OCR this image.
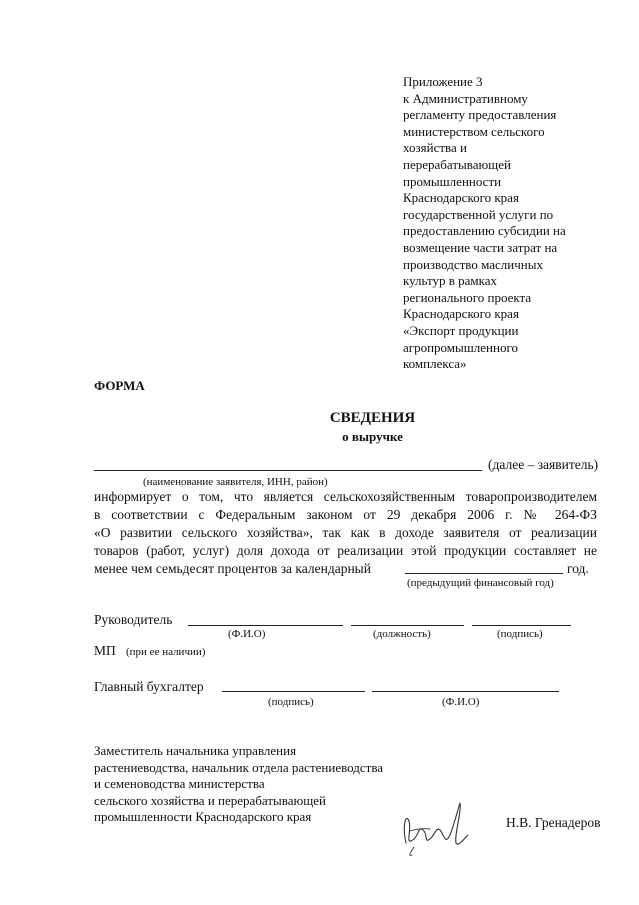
Приложение 3
к Административному
регламенту предоставления
министерством сельского
хозяйства и
перерабатывающей
промышленности
Краснодарского края
государственной услуги по
предоставлению субсидии на
возмещение части затрат на
производство масличных
культур в рамках
регионального проекта
Краснодарского края
«Экспорт продукции
агропромышленного
комплекса»
ФОРМА
СВЕДЕНИЯ
о выручке
(далее – заявитель)
(наименование заявителя, ИНН, район)
информирует о том, что является сельскохозяйственным товаропроизводителем
в соответствии с Федеральным законом от 29 декабря 2006 г. № 264-ФЗ
«О развитии сельского хозяйства», так как в доходе заявителя от реализации
товаров (работ, услуг) доля дохода от реализации этой продукции составляет не
менее чем семьдесят процентов за календарный	год.
(предыдущий финансовый год)
Руководитель
(Ф.И.О)	(должность)	(подпись)
МП (при ее наличии)
Главный бухгалтер
(подпись)	(Ф.И.О)
Заместитель начальника управления
растениеводства, начальник отдела растениеводства
и семеноводства министерства
сельского хозяйства и перерабатывающей
промышленности Краснодарского края	Н.В. Гренадеров
